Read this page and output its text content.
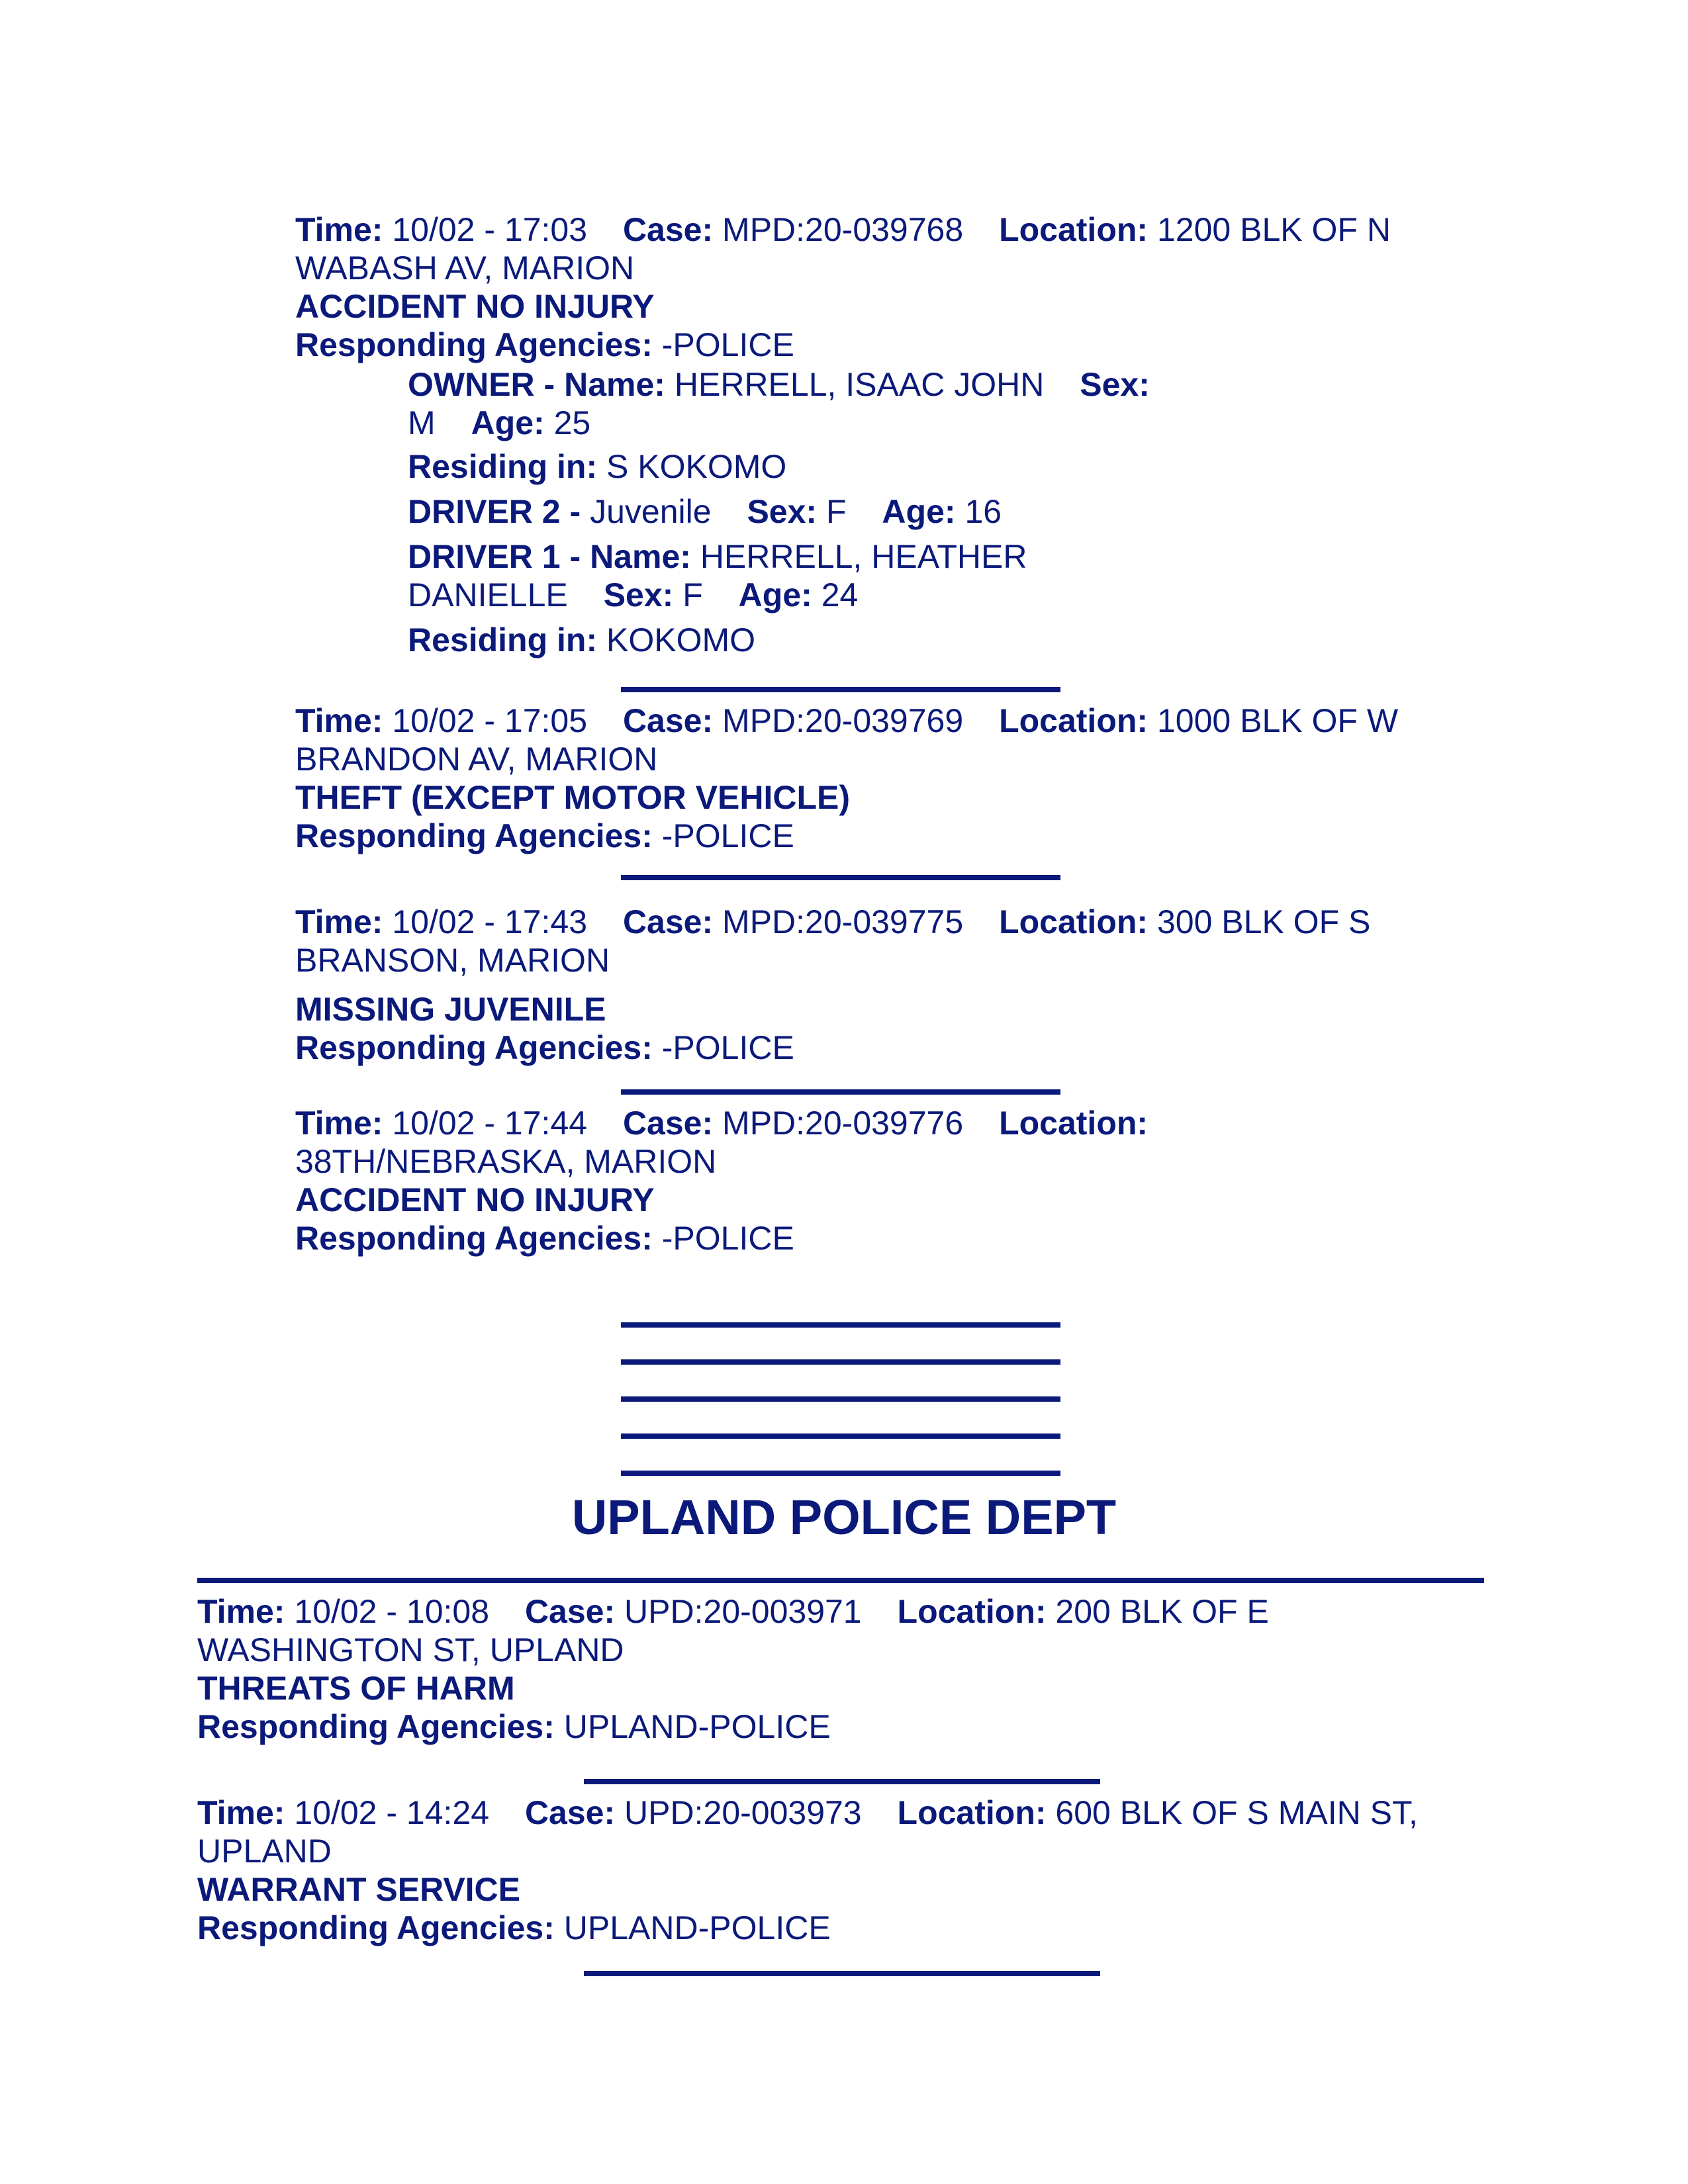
Time: 10/02 - 17:03 Case: MPD:20-039768 Location: 1200 BLK OF N
WABASH AV, MARION
ACCIDENT NO INJURY
Responding Agencies: -POLICE
OWNER - Name: HERRELL, ISAAC JOHN Sex:
M Age: 25
Residing in: S KOKOMO
DRIVER 2 - Juvenile Sex: F Age: 16
DRIVER 1 - Name: HERRELL, HEATHER
DANIELLE Sex: F Age: 24
Residing in: KOKOMO
Time: 10/02 - 17:05 Case: MPD:20-039769 Location: 1000 BLK OF W
BRANDON AV, MARION
THEFT (EXCEPT MOTOR VEHICLE)
Responding Agencies: -POLICE
Time: 10/02 - 17:43 Case: MPD:20-039775 Location: 300 BLK OF S
BRANSON, MARION
MISSING JUVENILE
Responding Agencies: -POLICE
Time: 10/02 - 17:44 Case: MPD:20-039776 Location:
38TH/NEBRASKA, MARION
ACCIDENT NO INJURY
Responding Agencies: -POLICE
UPLAND POLICE DEPT
Time: 10/02 - 10:08 Case: UPD:20-003971 Location: 200 BLK OF E
WASHINGTON ST, UPLAND
THREATS OF HARM
Responding Agencies: UPLAND-POLICE
Time: 10/02 - 14:24 Case: UPD:20-003973 Location: 600 BLK OF S MAIN ST,
UPLAND
WARRANT SERVICE
Responding Agencies: UPLAND-POLICE
